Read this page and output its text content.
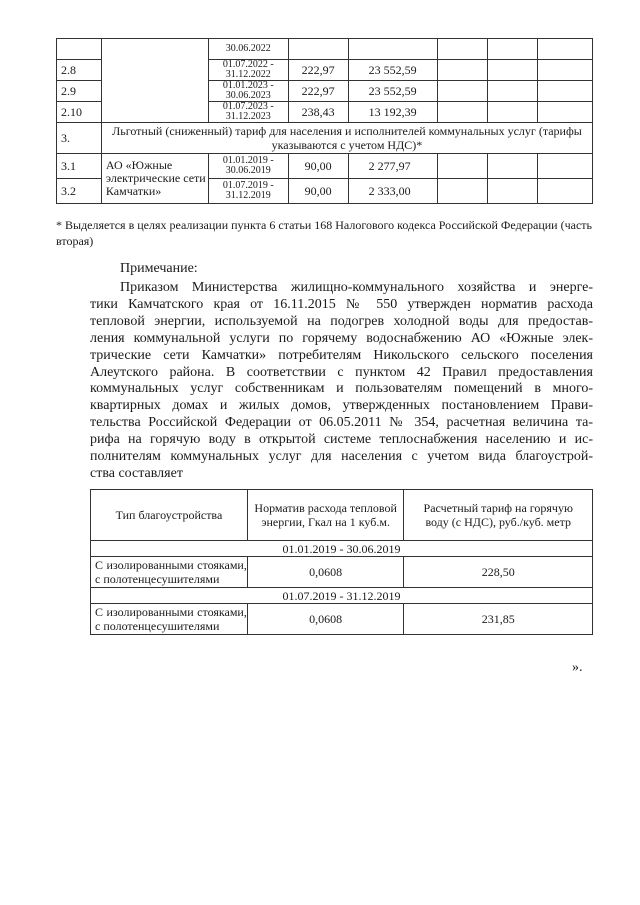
		30.06.2022					
2.8		01.07.2022 - 31.12.2022	222,97	23 552,59			
2.9		01.01.2023 - 30.06.2023	222,97	23 552,59			
2.10		01.07.2023 - 31.12.2023	238,43	13 192,39			
3.	Льготный (сниженный) тариф для населения и исполнителей коммунальных услуг (тарифы указываются с учетом НДС)*						
3.1	АО «Южные электрические сети Камчатки»	01.01.2019 - 30.06.2019	90,00	2 277,97			
3.2		01.07.2019 - 31.12.2019	90,00	2 333,00			
* Выделяется в целях реализации пункта 6 статьи 168 Налогового кодекса Российской Федерации (часть вторая)
Примечание:
Приказом Министерства жилищно-коммунального хозяйства и энерге-
тики Камчатского края от 16.11.2015 № 550 утвержден норматив расхода
тепловой энергии, используемой на подогрев холодной воды для предостав-
ления коммунальной услуги по горячему водоснабжению АО «Южные элек-
трические сети Камчатки» потребителям Никольского сельского поселения
Алеутского района. В соответствии с пунктом 42 Правил предоставления
коммунальных услуг собственникам и пользователям помещений в много-
квартирных домах и жилых домов, утвержденных постановлением Прави-
тельства Российской Федерации от 06.05.2011 № 354, расчетная величина та-
рифа на горячую воду в открытой системе теплоснабжения населению и ис-
полнителям коммунальных услуг для населения с учетом вида благоустрой-
ства составляет
Тип благоустройства	Норматив расхода тепловой энергии, Гкал на 1 куб.м.	Расчетный тариф на горячую воду (с НДС), руб./куб. метр
01.01.2019 - 30.06.2019		
С изолированными стояками, с полотенцесушителями	0,0608	228,50
01.07.2019 - 31.12.2019		
С изолированными стояками, с полотенцесушителями	0,0608	231,85
».
